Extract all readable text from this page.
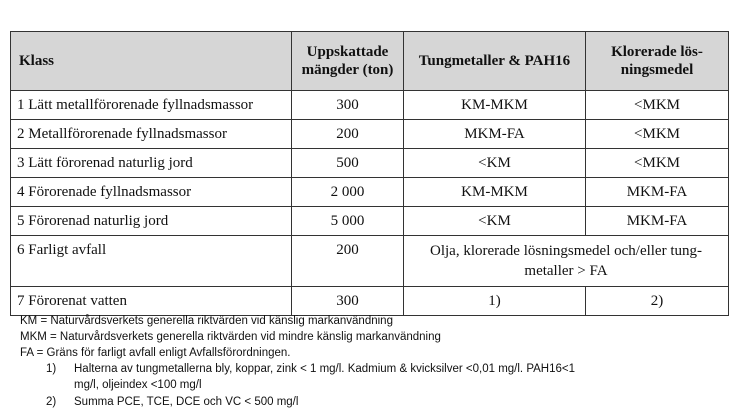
Klass	Uppskattade mängder (ton)	Tungmetaller & PAH16	Klorerade lös-ningsmedel
1 Lätt metallförorenade fyllnadsmassor	300	KM-MKM	<MKM
2 Metallförorenade fyllnadsmassor	200	MKM-FA	<MKM
3 Lätt förorenad naturlig jord	500	<KM	<MKM
4 Förorenade fyllnadsmassor	2 000	KM-MKM	MKM-FA
5 Förorenad naturlig jord	5 000	<KM	MKM-FA
6 Farligt avfall	200	Olja, klorerade lösningsmedel och/eller tung-metaller > FA	
7 Förorenat vatten	300	1)	2)
KM = Naturvårdsverkets generella riktvärden vid känslig markanvändning
MKM = Naturvårdsverkets generella riktvärden vid mindre känslig markanvändning
FA = Gräns för farligt avfall enligt Avfallsförordningen.
1) Halterna av tungmetallerna bly, koppar, zink < 1 mg/l. Kadmium & kvicksilver <0,01 mg/l. PAH16<1
mg/l, oljeindex <100 mg/l
2) Summa PCE, TCE, DCE och VC < 500 mg/l
